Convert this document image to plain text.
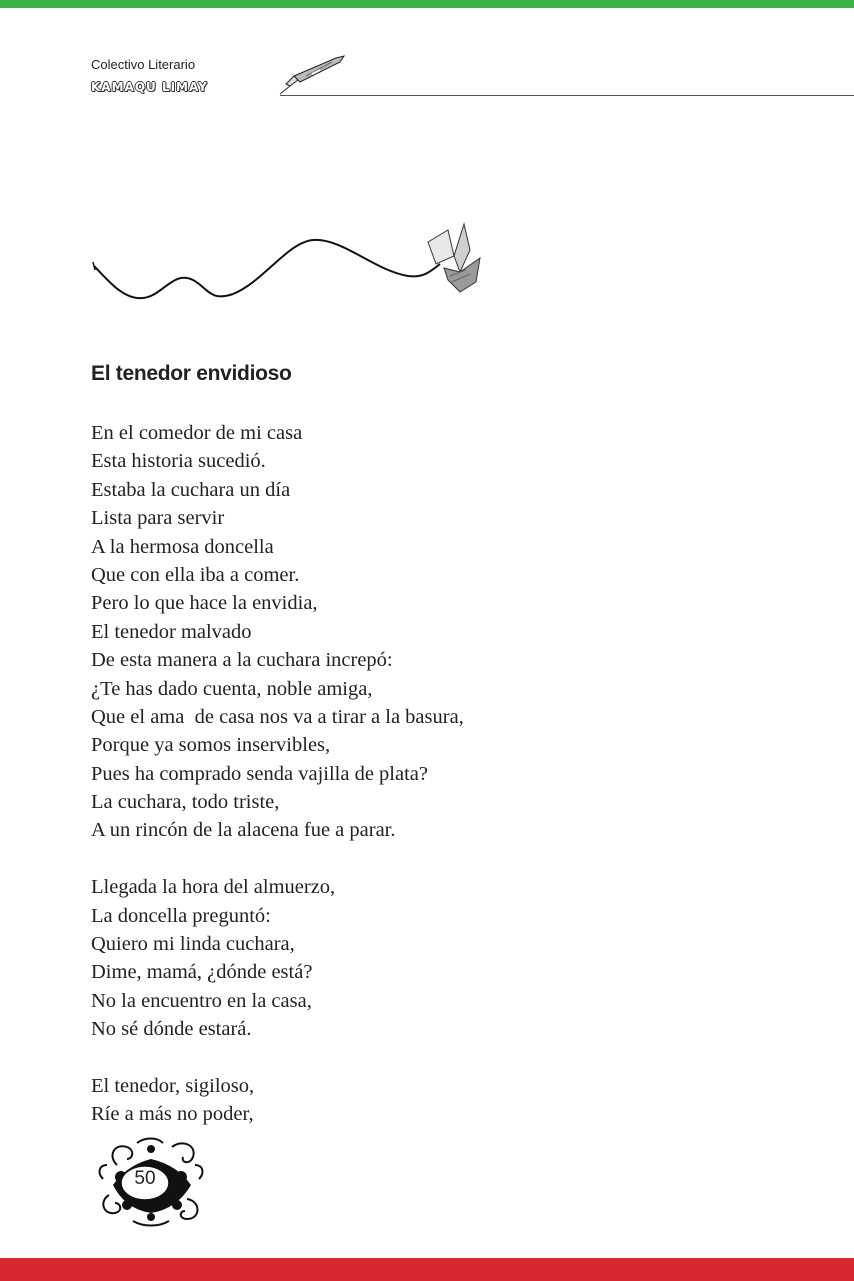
Colectivo Literario
KAMAQU LIMAY
El tenedor envidioso
En el comedor de mi casa
Esta historia sucedió.
Estaba la cuchara un día
Lista para servir
A la hermosa doncella
Que con ella iba a comer.
Pero lo que hace la envidia,
El tenedor malvado
De esta manera a la cuchara increpó:
¿Te has dado cuenta, noble amiga,
Que el ama  de casa nos va a tirar a la basura,
Porque ya somos inservibles,
Pues ha comprado senda vajilla de plata?
La cuchara, todo triste,
A un rincón de la alacena fue a parar.
Llegada la hora del almuerzo,
La doncella preguntó:
Quiero mi linda cuchara,
Dime, mamá, ¿dónde está?
No la encuentro en la casa,
No sé dónde estará.
El tenedor, sigiloso,
Ríe a más no poder,
50
